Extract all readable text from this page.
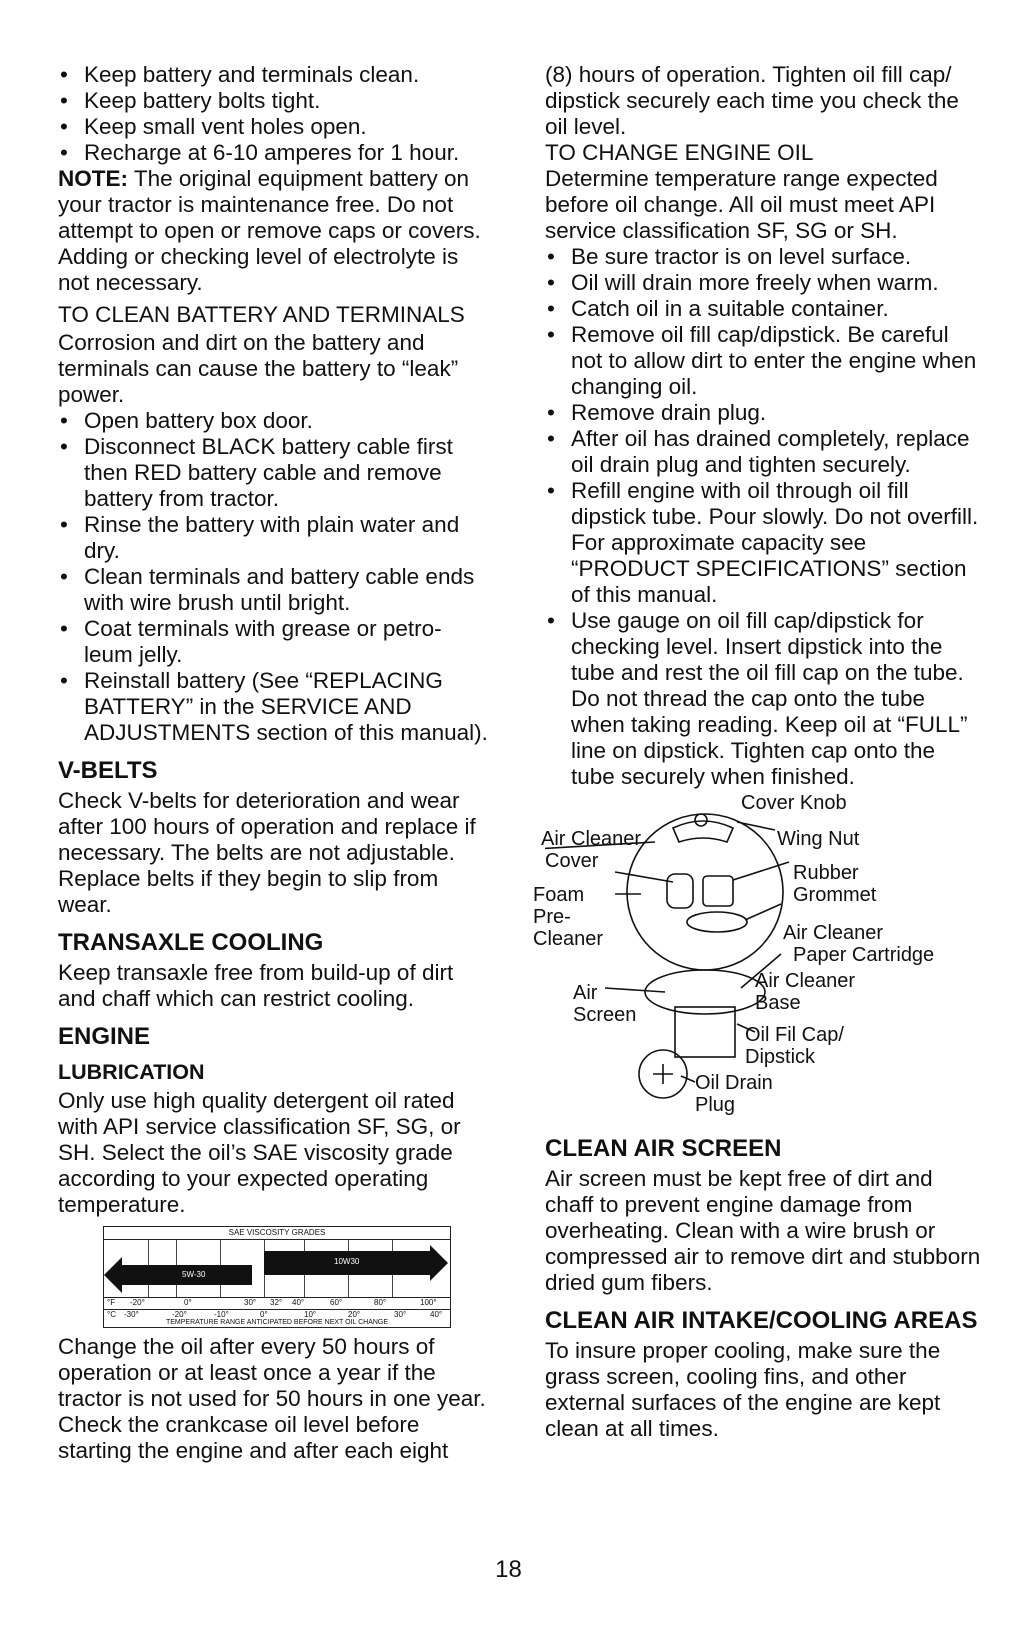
• Keep battery and terminals clean.
• Keep battery bolts tight.
• Keep small vent holes open.
• Recharge at 6-10 amperes for 1 hour.

NOTE: The original equipment battery on your tractor is maintenance free. Do not attempt to open or remove caps or covers. Adding or checking level of electrolyte is not necessary.

TO CLEAN BATTERY AND TERMINALS

Corrosion and dirt on the battery and terminals can cause the battery to “leak” power.

• Open battery box door.
• Disconnect BLACK battery cable first then RED battery cable and remove battery from tractor.
• Rinse the battery with plain water and dry.
• Clean terminals and battery cable ends with wire brush until bright.
• Coat terminals with grease or petro-leum jelly.
• Reinstall battery (See “REPLACING BATTERY” in the SERVICE AND ADJUSTMENTS section of this manual).

V-BELTS

Check V-belts for deterioration and wear after 100 hours of operation and replace if necessary. The belts are not adjustable. Replace belts if they begin to slip from wear.

TRANSAXLE COOLING

Keep transaxle free from build-up of dirt and chaff which can restrict cooling.

ENGINE

LUBRICATION

Only use high quality detergent oil rated with API service classification SF, SG, or SH. Select the oil’s SAE viscosity grade according to your expected operating temperature.

SAE VISCOSITY GRADES
5W-30
10W30
°F -20°	0°	30° 32° 40°	60°	80°	100°
°C -30°	-20°	-10°	0°	10°	20°	30°	40°
TEMPERATURE RANGE ANTICIPATED BEFORE NEXT OIL CHANGE

Change the oil after every 50 hours of operation or at least once a year if the tractor is not used for 50 hours in one year.

Check the crankcase oil level before starting the engine and after each eight

(8) hours of operation. Tighten oil fill cap/ dipstick securely each time you check the oil level.

TO CHANGE ENGINE OIL

Determine temperature range expected before oil change. All oil must meet API service classification SF, SG or SH.

• Be sure tractor is on level surface.
• Oil will drain more freely when warm.
• Catch oil in a suitable container.
• Remove oil fill cap/dipstick. Be careful not to allow dirt to enter the engine when changing oil.
• Remove drain plug.
• After oil has drained completely, replace oil drain plug and tighten securely.
• Refill engine with oil through oil fill dipstick tube. Pour slowly. Do not overfill. For approximate capacity see “PRODUCT SPECIFICATIONS” section of this manual.
• Use gauge on oil fill cap/dipstick for checking level. Insert dipstick into the tube and rest the oil fill cap on the tube. Do not thread the cap onto the tube when taking reading. Keep oil at “FULL” line on dipstick. Tighten cap onto the tube securely when finished.
Cover Knob
Air Cleaner
Cover
Wing Nut
Rubber
Grommet
Foam
Pre-
Cleaner	Air Cleaner
Paper Cartridge
Air Cleaner
Base
Air
Screen
Oil Fil Cap/
Dipstick
Oil Drain
Plug

CLEAN AIR SCREEN

Air screen must be kept free of dirt and chaff to prevent engine damage from overheating. Clean with a wire brush or compressed air to remove dirt and stubborn dried gum fibers.

CLEAN AIR INTAKE/COOLING AREAS

To insure proper cooling, make sure the grass screen, cooling fins, and other external surfaces of the engine are kept clean at all times.

18
